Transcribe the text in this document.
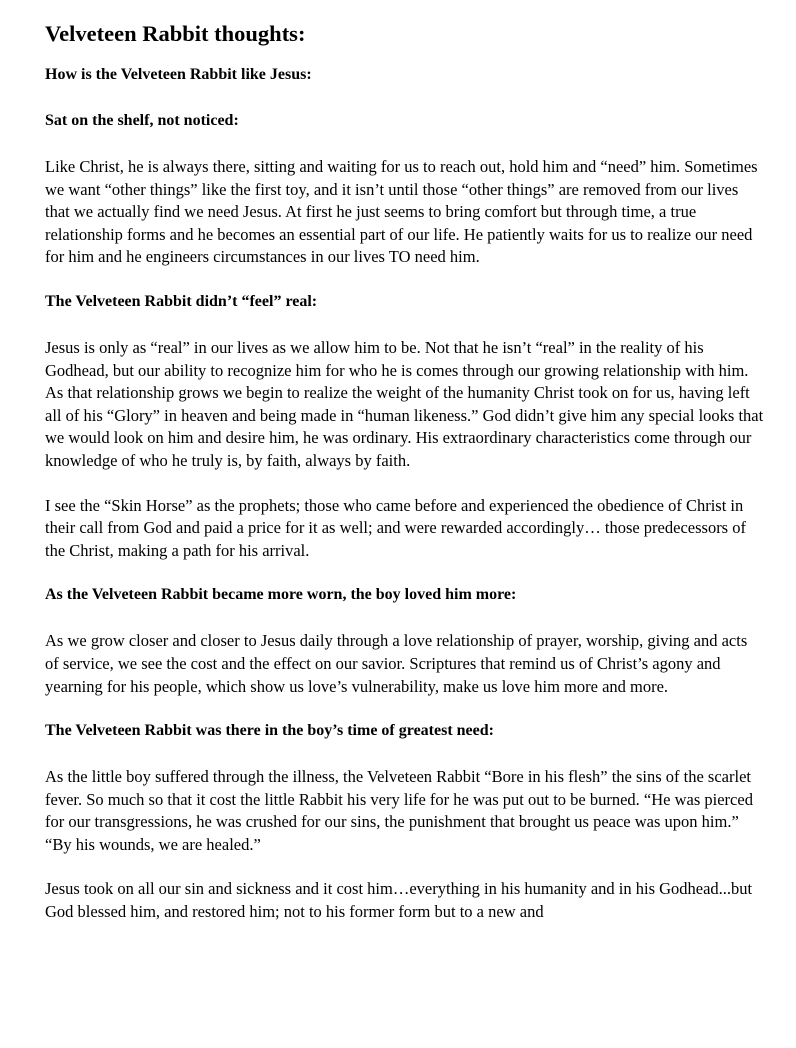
Velveteen Rabbit thoughts:
How is the Velveteen Rabbit like Jesus:
Sat on the shelf, not noticed:

Like Christ, he is always there, sitting and waiting for us to reach out, hold him and “need” him. Sometimes we want “other things” like the first toy, and it isn’t until those “other things” are removed from our lives that we actually find we need Jesus. At first he just seems to bring comfort but through time, a true relationship forms and he becomes an essential part of our life. He patiently waits for us to realize our need for him and he engineers circumstances in our lives TO need him.

The Velveteen Rabbit didn’t “feel” real:

Jesus is only as “real” in our lives as we allow him to be. Not that he isn’t “real” in the reality of his Godhead, but our ability to recognize him for who he is comes through our growing relationship with him. As that relationship grows we begin to realize the weight of the humanity Christ took on for us, having left all of his “Glory” in heaven and being made in “human likeness.” God didn’t give him any special looks that we would look on him and desire him, he was ordinary. His extraordinary characteristics come through our knowledge of who he truly is, by faith, always by faith.

I see the “Skin Horse” as the prophets; those who came before and experienced the obedience of Christ in their call from God and paid a price for it as well; and were rewarded accordingly… those predecessors of the Christ, making a path for his arrival.

As the Velveteen Rabbit became more worn, the boy loved him more:

As we grow closer and closer to Jesus daily through a love relationship of prayer, worship, giving and acts of service, we see the cost and the effect on our savior. Scriptures that remind us of Christ’s agony and yearning for his people, which show us love’s vulnerability, make us love him more and more.

The Velveteen Rabbit was there in the boy’s time of greatest need:

As the little boy suffered through the illness, the Velveteen Rabbit “Bore in his flesh” the sins of the scarlet fever. So much so that it cost the little Rabbit his very life for he was put out to be burned. “He was pierced for our transgressions, he was crushed for our sins, the punishment that brought us peace was upon him.” “By his wounds, we are healed.”

Jesus took on all our sin and sickness and it cost him…everything in his humanity and in his Godhead...but God blessed him, and restored him; not to his former form but to a new and
